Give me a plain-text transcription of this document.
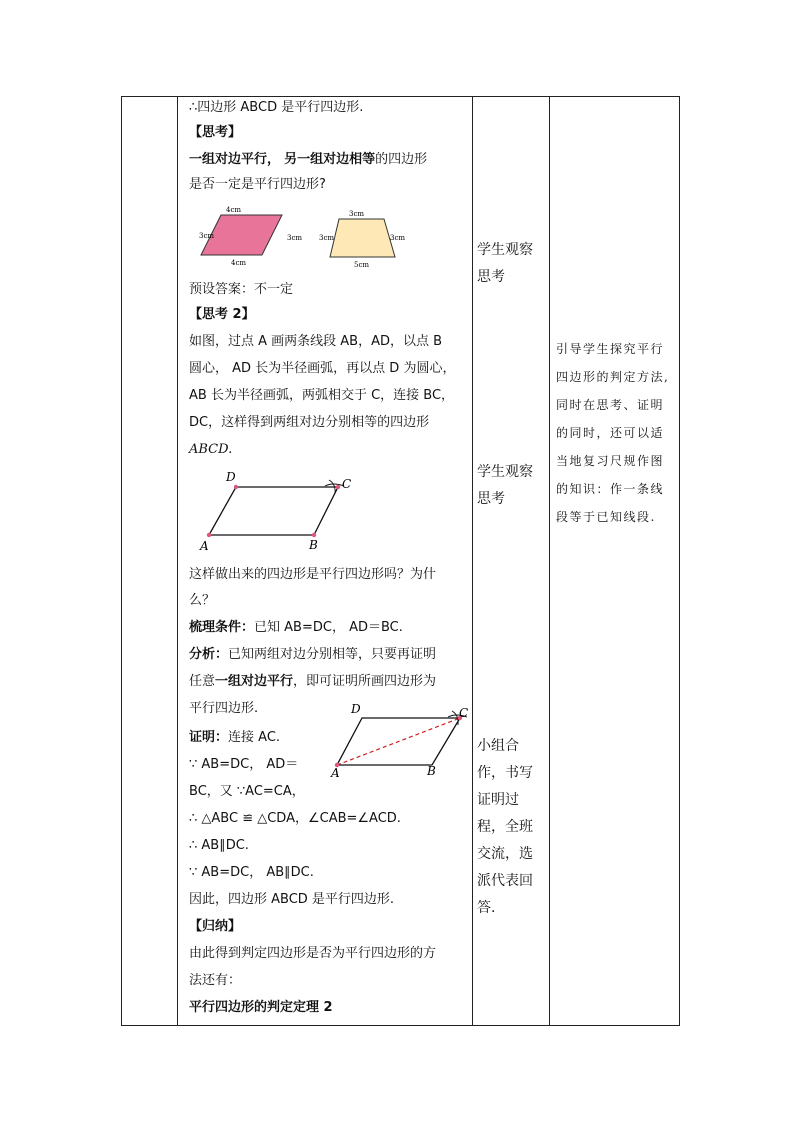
∴四边形 ABCD 是平行四边形.
【思考】
一组对边平行， 另一组对边相等的四边形
是否一定是平行四边形?
4cm
4cm
3cm	3cm
3cm
5cm
3cm	3cm
预设答案：不一定
【思考 2】
如图，过点 A 画两条线段 AB，AD，以点 B
圆心， AD 长为半径画弧，再以点 D 为圆心，
AB 长为半径画弧，两弧相交于 C，连接 BC，
DC，这样得到两组对边分别相等的四边形
ABCD.
D	C
A	B
这样做出来的四边形是平行四边形吗？为什
么？
梳理条件：已知 AB=DC， AD＝BC.
分析：已知两组对边分别相等，只要再证明
任意一组对边平行，即可证明所画四边形为
平行四边形.	D	C
A	B
证明：连接 AC.
∵ AB=DC， AD＝
BC，又 ∵AC=CA，
∴ △ABC ≌ △CDA，∠CAB=∠ACD.
∴ AB∥DC.
∵ AB=DC， AB∥DC.
因此，四边形 ABCD 是平行四边形.
【归纳】
由此得到判定四边形是否为平行四边形的方
法还有：
平行四边形的判定定理 2
学生观察
思考
学生观察
思考
小组合
作，书写
证明过
程，全班
交流，选
派代表回
答.
引导学生探究平行
四边形的判定方法,
同时在思考、证明
的同时，还可以适
当地复习尺规作图
的知识：作一条线
段等于已知线段.
